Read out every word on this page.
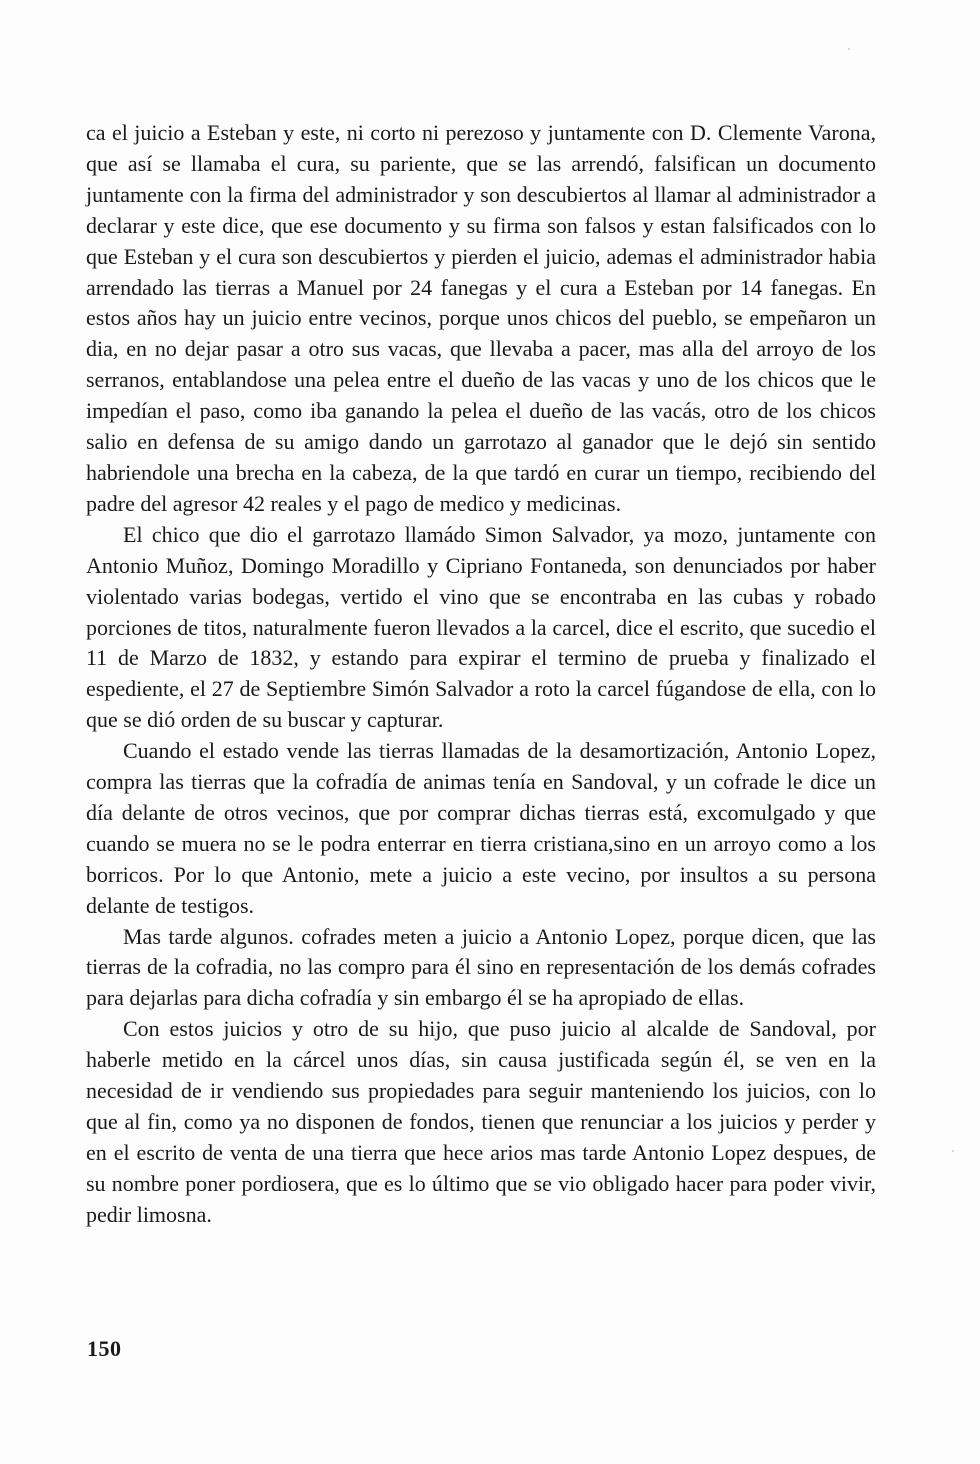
ca el juicio a Esteban y este, ni corto ni perezoso y juntamente con D. Clemente Varona, que así se llamaba el cura, su pariente, que se las arrendó, falsifican un documento juntamente con la firma del administrador y son descubiertos al llamar al administrador a declarar y este dice, que ese documento y su firma son falsos y estan falsificados con lo que Esteban y el cura son descubiertos y pierden el juicio, ademas el administrador habia arrendado las tierras a Manuel por 24 fanegas y el cura a Esteban por 14 fanegas. En estos años hay un juicio entre vecinos, porque unos chicos del pueblo, se empeñaron un dia, en no dejar pasar a otro sus vacas, que llevaba a pacer, mas alla del arroyo de los serranos, entablandose una pelea entre el dueño de las vacas y uno de los chicos que le impedían el paso, como iba ganando la pelea el dueño de las vacás, otro de los chicos salio en defensa de su amigo dando un garrotazo al ganador que le dejó sin sentido habriendole una brecha en la cabeza, de la que tardó en curar un tiempo, recibiendo del padre del agresor 42 reales y el pago de medico y medicinas.

El chico que dio el garrotazo llamádo Simon Salvador, ya mozo, juntamente con Antonio Muñoz, Domingo Moradillo y Cipriano Fontaneda, son denunciados por haber violentado varias bodegas, vertido el vino que se encontraba en las cubas y robado porciones de titos, naturalmente fueron llevados a la carcel, dice el escrito, que sucedio el 11 de Marzo de 1832, y estando para expirar el termino de prueba y finalizado el espediente, el 27 de Septiembre Simón Salvador a roto la carcel fúgandose de ella, con lo que se dió orden de su buscar y capturar.

Cuando el estado vende las tierras llamadas de la desamortización, Antonio Lopez, compra las tierras que la cofradía de animas tenía en Sandoval, y un cofrade le dice un día delante de otros vecinos, que por comprar dichas tierras está, excomulgado y que cuando se muera no se le podra enterrar en tierra cristiana,sino en un arroyo como a los borricos. Por lo que Antonio, mete a juicio a este vecino, por insultos a su persona delante de testigos.

Mas tarde algunos. cofrades meten a juicio a Antonio Lopez, porque dicen, que las tierras de la cofradia, no las compro para él sino en representación de los demás cofrades para dejarlas para dicha cofradía y sin embargo él se ha apropiado de ellas.

Con estos juicios y otro de su hijo, que puso juicio al alcalde de Sandoval, por haberle metido en la cárcel unos días, sin causa justificada según él, se ven en la necesidad de ir vendiendo sus propiedades para seguir manteniendo los juicios, con lo que al fin, como ya no disponen de fondos, tienen que renunciar a los juicios y perder y en el escrito de venta de una tierra que hece arios mas tarde Antonio Lopez despues, de su nombre poner pordiosera, que es lo último que se vio obligado hacer para poder vivir, pedir limosna.

150
